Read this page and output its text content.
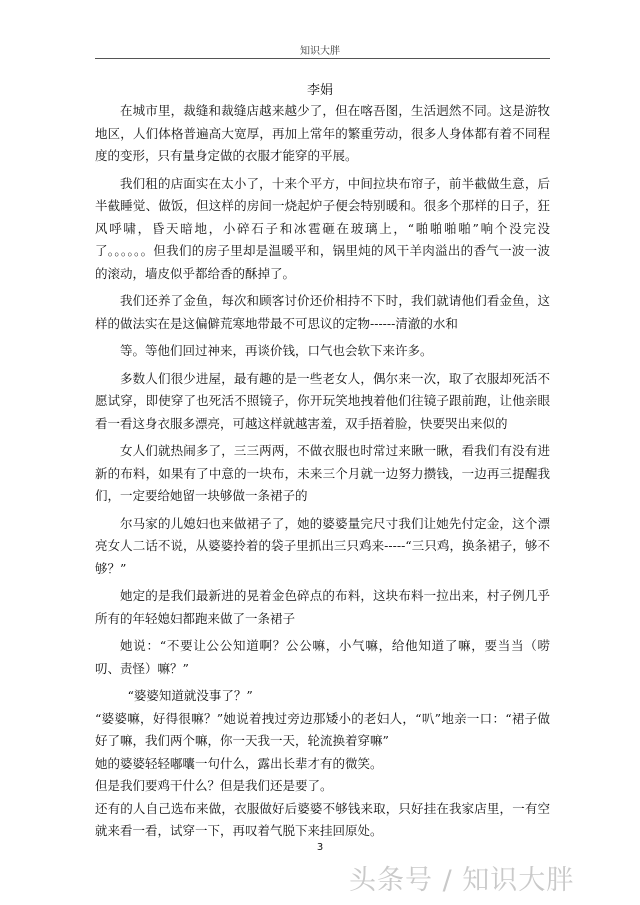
知识大胖
李娟

在城市里，裁缝和裁缝店越来越少了，但在喀吾图，生活迥然不同。这是游牧地区，人们体格普遍高大宽厚，再加上常年的繁重劳动，很多人身体都有着不同程度的变形，只有量身定做的衣服才能穿的平展。

我们租的店面实在太小了，十来个平方，中间拉块布帘子，前半截做生意，后半截睡觉、做饭，但这样的房间一烧起炉子便会特别暖和。很多个那样的日子，狂风呼啸，昏天暗地，小碎石子和冰雹砸在玻璃上，“啪啪啪啪”响个没完没了。。。。。。但我们的房子里却是温暖平和，锅里炖的风干羊肉溢出的香气一波一波的滚动，墙皮似乎都给香的酥掉了。

我们还养了金鱼，每次和顾客讨价还价相持不下时，我们就请他们看金鱼，这样的做法实在是这偏僻荒寒地带最不可思议的定物------清澈的水和

等。等他们回过神来，再谈价钱，口气也会软下来许多。

多数人们很少进屋，最有趣的是一些老女人，偶尔来一次，取了衣服却死活不愿试穿，即使穿了也死活不照镜子，你开玩笑地拽着他们往镜子跟前跑，让他亲眼看一看这身衣服多漂亮，可越这样就越害羞，双手捂着脸，快要哭出来似的

女人们就热闹多了，三三两两，不做衣服也时常过来瞅一瞅，看我们有没有进新的布料，如果有了中意的一块布，未来三个月就一边努力攒钱，一边再三提醒我们，一定要给她留一块够做一条裙子的

尔马家的儿媳妇也来做裙子了，她的婆婆量完尺寸我们让她先付定金，这个漂亮女人二话不说，从婆婆拎着的袋子里抓出三只鸡来-----“三只鸡，换条裙子，够不够？”

她定的是我们最新进的晃着金色碎点的布料，这块布料一拉出来，村子例几乎所有的年轻媳妇都跑来做了一条裙子

她说：“不要让公公知道啊？公公嘛，小气嘛，给他知道了嘛，要当当（唠叨、责怪）嘛？”

“婆婆知道就没事了？”

“婆婆嘛，好得很嘛？”她说着拽过旁边那矮小的老妇人，“叭”地亲一口：“裙子做好了嘛，我们两个嘛，你一天我一天，轮流换着穿嘛”

她的婆婆轻轻嘟囔一句什么，露出长辈才有的微笑。

但是我们要鸡干什么？但是我们还是要了。

还有的人自己选布来做，衣服做好后婆婆不够钱来取，只好挂在我家店里，一有空就来看一看，试穿一下，再叹着气脱下来挂回原处。

3
头条号 / 知识大胖
